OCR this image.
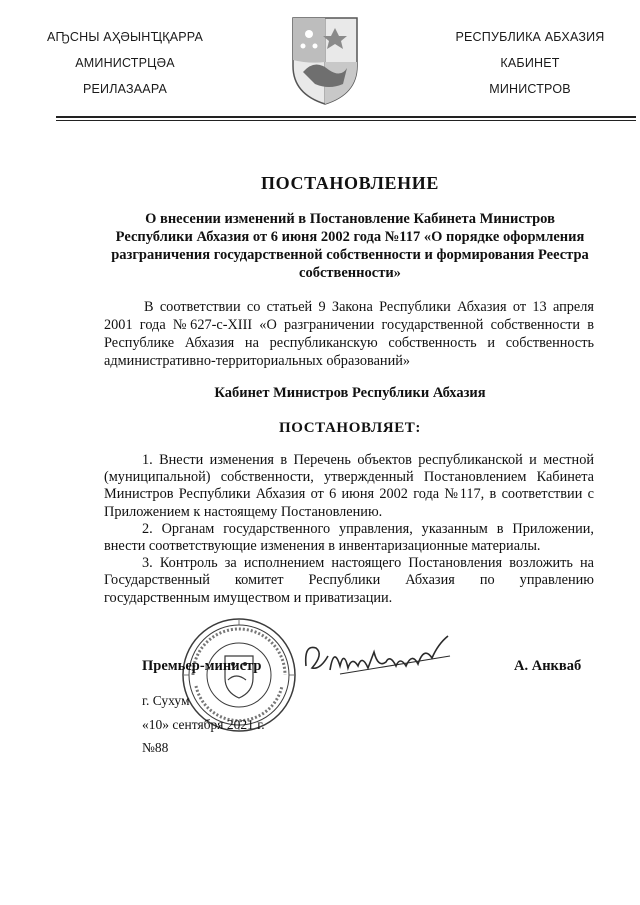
АҦСНЫ АҲӘЫНҴҚАРРА
АМИНИСТРЦӘА
РЕИЛАЗААРА
РЕСПУБЛИКА АБХАЗИЯ
КАБИНЕТ
МИНИСТРОВ
ПОСТАНОВЛЕНИЕ
О внесении изменений в Постановление Кабинета Министров Республики Абхазия от 6 июня 2002 года №117 «О порядке оформления разграничения государственной собственности и формирования Реестра собственности»
В соответствии со статьей 9 Закона Республики Абхазия от 13 апреля 2001 года №627-с-XIII «О разграничении государственной собственности в Республике Абхазия на республиканскую собственность и собственность административно-территориальных образований»
Кабинет Министров Республики Абхазия
ПОСТАНОВЛЯЕТ:

1. Внести изменения в Перечень объектов республиканской и местной (муниципальной) собственности, утвержденный Постановлением Кабинета Министров Республики Абхазия от 6 июня 2002 года №117, в соответствии с Приложением к настоящему Постановлению.

2. Органам государственного управления, указанным в Приложении, внести соответствующие изменения в инвентаризационные материалы.

3. Контроль за исполнением настоящего Постановления возложить на Государственный комитет Республики Абхазия по управлению государственным имуществом и приватизации.

Премьер-министр	А. Анкваб
г. Сухум
«10» сентября 2021 г.
№88
